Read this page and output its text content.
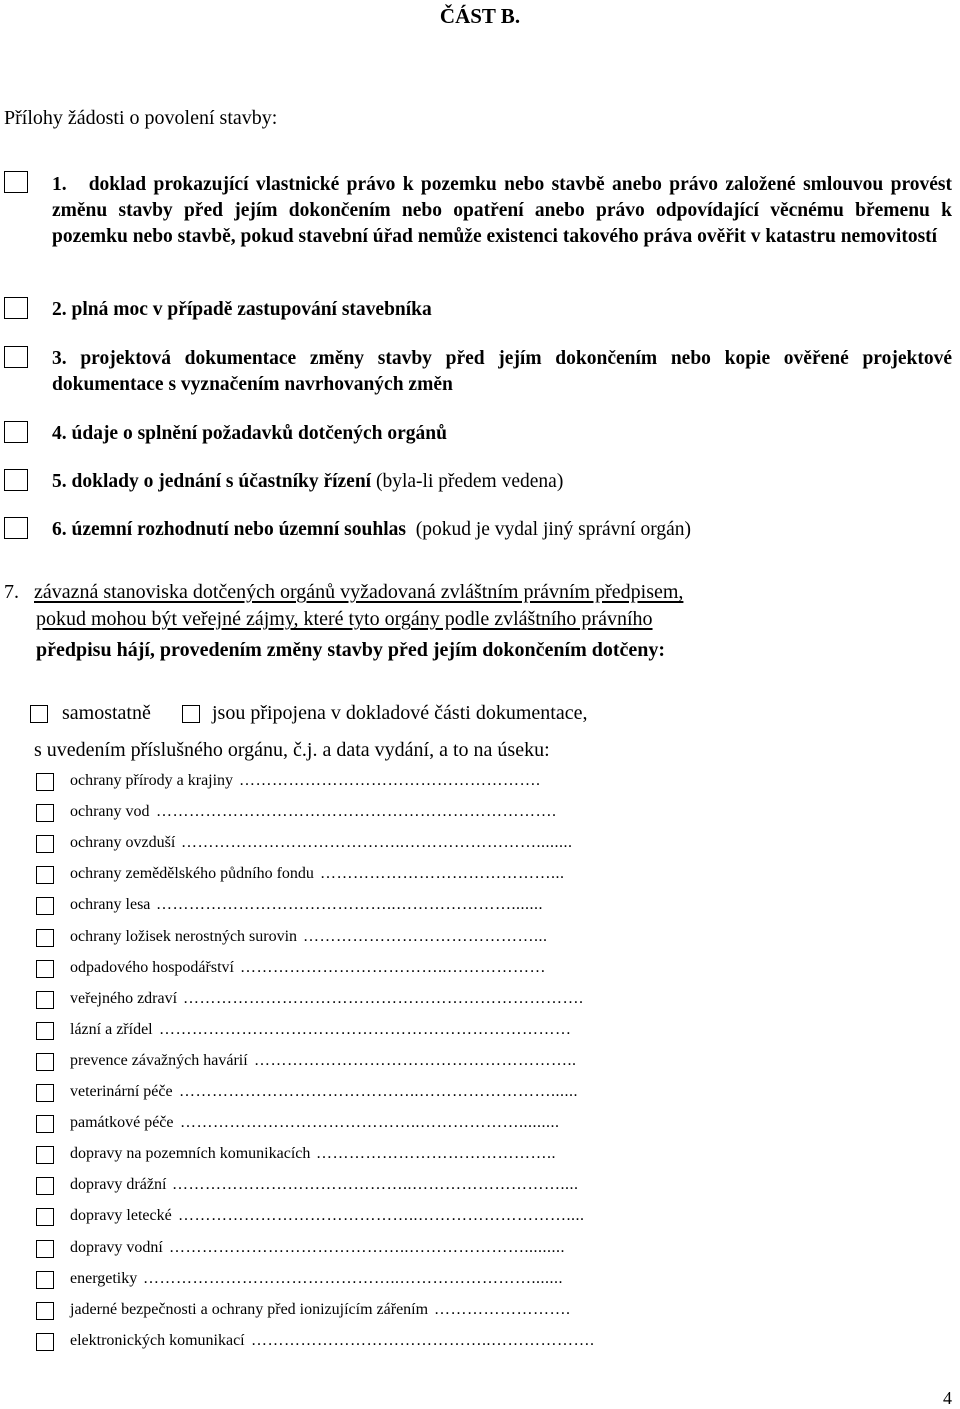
ČÁST B.
Přílohy žádosti o povolení stavby:
1. doklad prokazující vlastnické právo k pozemku nebo stavbě anebo právo založené smlouvou provést změnu stavby před jejím dokončením nebo opatření anebo právo odpovídající věcnému břemenu k pozemku nebo stavbě, pokud stavební úřad nemůže existenci takového práva ověřit v katastru nemovitostí
2. plná moc v případě zastupování stavebníka
3. projektová dokumentace změny stavby před jejím dokončením nebo kopie ověřené projektové dokumentace s vyznačením navrhovaných změn
4. údaje o splnění požadavků dotčených orgánů
5. doklady o jednání s účastníky řízení (byla-li předem vedena)
6. územní rozhodnutí nebo územní souhlas (pokud je vydal jiný správní orgán)
7. závazná stanoviska dotčených orgánů vyžadovaná zvláštním právním předpisem,
pokud mohou být veřejné zájmy, které tyto orgány podle zvláštního právního
předpisu hájí, provedením změny stavby před jejím dokončením dotčeny:
samostatně	jsou připojena v dokladové části dokumentace,
s uvedením příslušného orgánu, č.j. a data vydání, a to na úseku:
ochrany přírody a krajiny ……………………………………………….
ochrany vod ……………………………………………………………….
ochrany ovzduší …………………………………..……………………........
ochrany zemědělského půdního fondu ……………………………………...
ochrany lesa ……………………………………..………………….......
ochrany ložisek nerostných surovin ……………………………………...
odpadového hospodářství ………………………………..………………
veřejného zdraví ……………………………………………………………….
lázní a zřídel …………………………………………………………………
prevence závažných havárií …………………………………………………..
veterinární péče ……………………………………..……………………......
památkové péče ……………………………………..……………….........
dopravy na pozemních komunikacích ……………………………………..
dopravy drážní ……………………………………..………………………....
dopravy letecké ……………………………………..………………………....
dopravy vodní ……………………………………..………………….........
energetiky ………………………………………..…………………….......
jaderné bezpečnosti a ochrany před ionizujícím zářením …………………….
elektronických komunikací ……………………………………..……………….
4
